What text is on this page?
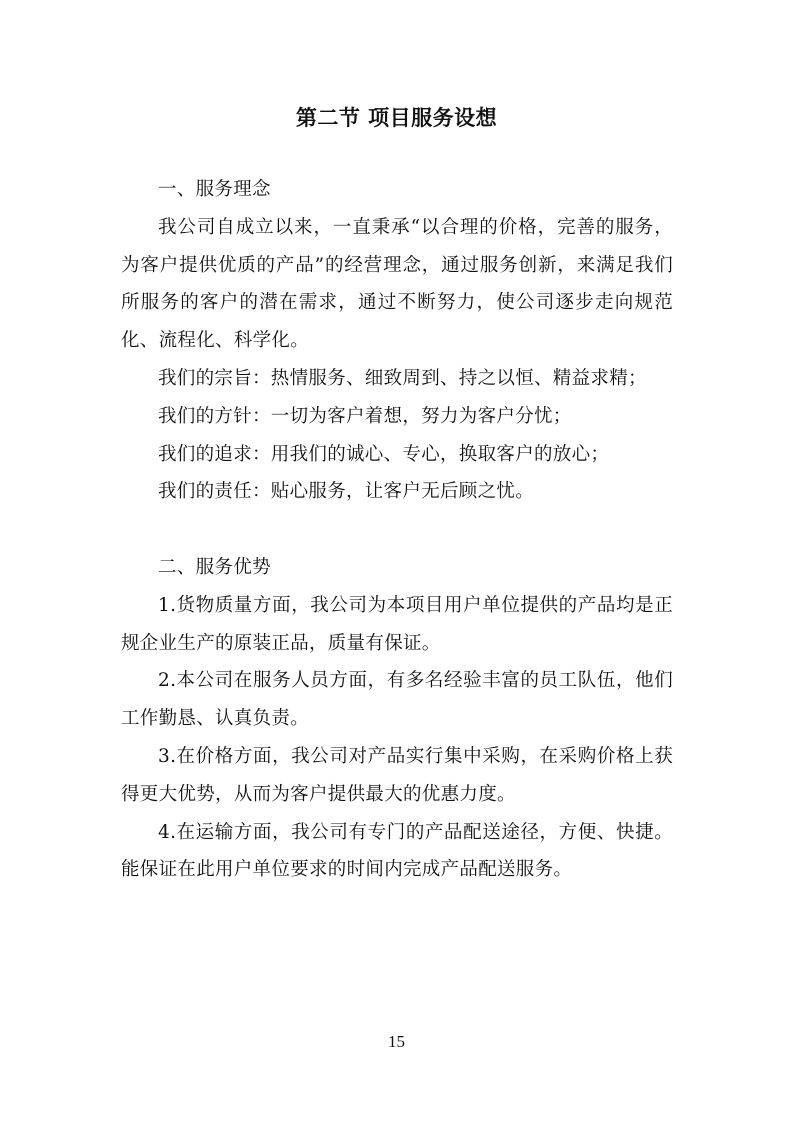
第二节 项目服务设想

一、服务理念

我公司自成立以来，一直秉承“以合理的价格，完善的服务，为客户提供优质的产品”的经营理念，通过服务创新，来满足我们所服务的客户的潜在需求，通过不断努力，使公司逐步走向规范化、流程化、科学化。

我们的宗旨：热情服务、细致周到、持之以恒、精益求精；

我们的方针：一切为客户着想，努力为客户分忧；

我们的追求：用我们的诚心、专心，换取客户的放心；

我们的责任：贴心服务，让客户无后顾之忧。

二、服务优势

1.货物质量方面，我公司为本项目用户单位提供的产品均是正规企业生产的原装正品，质量有保证。

2.本公司在服务人员方面，有多名经验丰富的员工队伍，他们工作勤恳、认真负责。

3.在价格方面，我公司对产品实行集中采购，在采购价格上获得更大优势，从而为客户提供最大的优惠力度。

4.在运输方面，我公司有专门的产品配送途径，方便、快捷。能保证在此用户单位要求的时间内完成产品配送服务。

15
